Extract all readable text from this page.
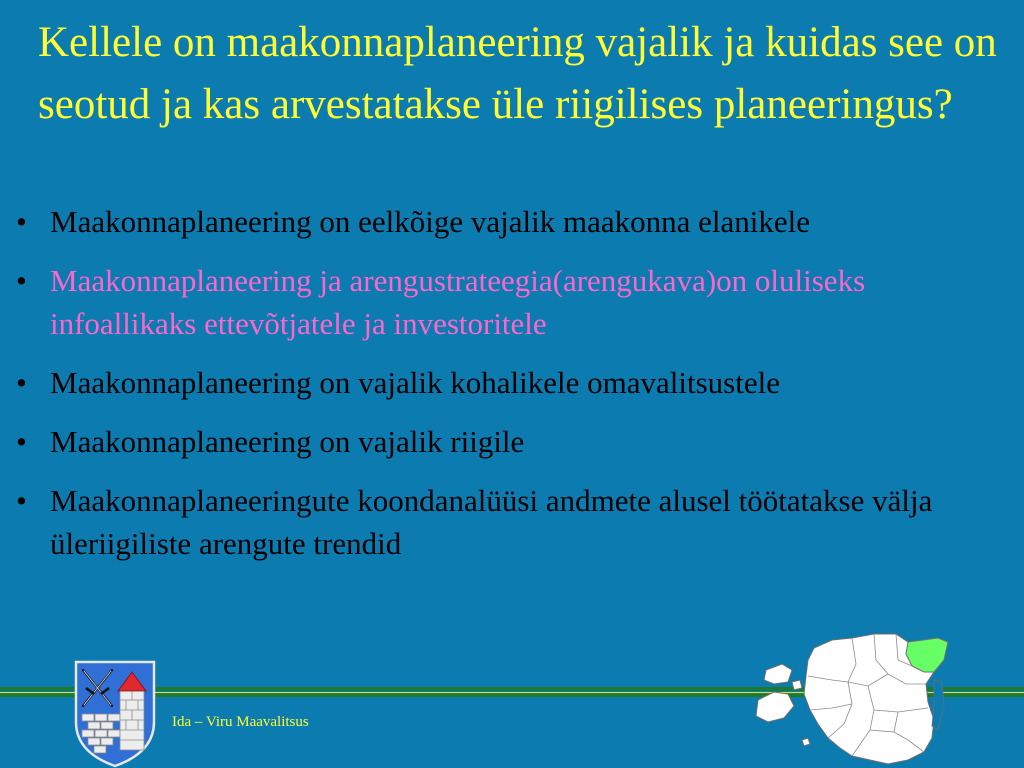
Kellele on maakonnaplaneering vajalik ja kuidas see on seotud ja kas arvestatakse üle riigilises planeeringus?
• Maakonnaplaneering on eelkõige vajalik maakonna elanikele
• Maakonnaplaneering ja arengustrateegia(arengukava)on oluliseks infoallikaks ettevõtjatele ja investoritele
• Maakonnaplaneering on vajalik kohalikele omavalitsustele
• Maakonnaplaneering on vajalik riigile
• Maakonnaplaneeringute koondanalüüsi andmete alusel töötatakse välja üleriigiliste arengute trendid
Ida – Viru Maavalitsus
